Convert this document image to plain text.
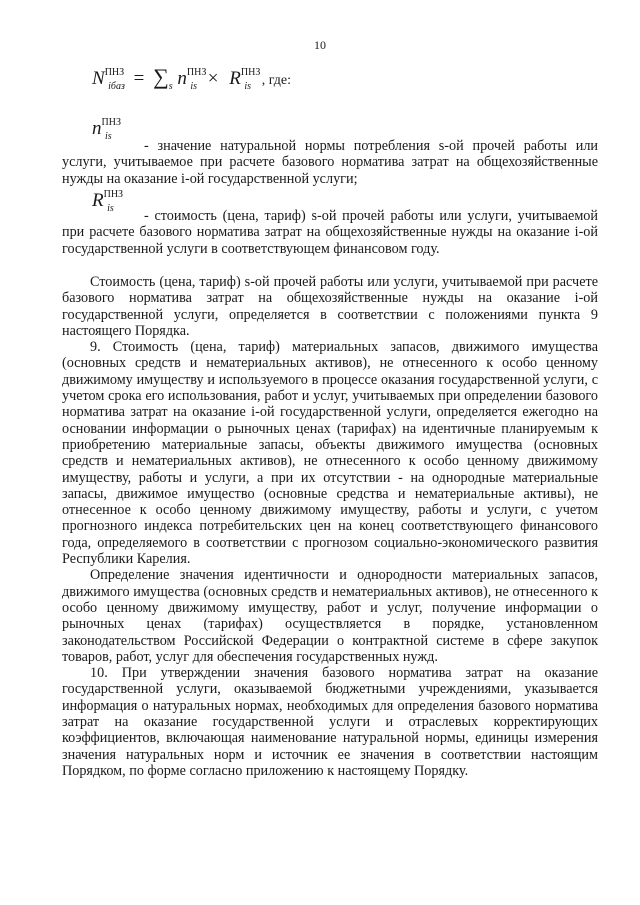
10
$N^{ПНЗ}_{iбаз} = \sum_s$ $n^{ПНЗ}_{is} \times R^{ПНЗ}_{is}$ , где:
$n^{ПНЗ}_{is}$

- значение натуральной нормы потребления s-ой прочей работы или услуги, учитываемое при расчете базового норматива затрат на общехозяйственные нужды на оказание i-ой государственной услуги;

$R^{ПНЗ}_{is}$	- стоимость (цена, тариф) s-ой прочей работы или услуги, учитываемой при расчете базового норматива затрат на общехозяйственные нужды на оказание i-ой государственной услуги в соответствующем финансовом году.

Стоимость (цена, тариф) s-ой прочей работы или услуги, учитываемой при расчете базового норматива затрат на общехозяйственные нужды на оказание i-ой государственной услуги, определяется в соответствии с положениями пункта 9 настоящего Порядка.

9. Стоимость (цена, тариф) материальных запасов, движимого имущества (основных средств и нематериальных активов), не отнесенного к особо ценному движимому имуществу и используемого в процессе оказания государственной услуги, с учетом срока его использования, работ и услуг, учитываемых при определении базового норматива затрат на оказание i-ой государственной услуги, определяется ежегодно на основании информации о рыночных ценах (тарифах) на идентичные планируемым к приобретению материальные запасы, объекты движимого имущества (основных средств и нематериальных активов), не отнесенного к особо ценному движимому имуществу, работы и услуги, а при их отсутствии - на однородные материальные запасы, движимое имущество (основные средства и нематериальные активы), не отнесенное к особо ценному движимому имуществу, работы и услуги, с учетом прогнозного индекса потребительских цен на конец соответствующего финансового года, определяемого в соответствии с прогнозом социально-экономического развития Республики Карелия.

Определение значения идентичности и однородности материальных запасов, движимого имущества (основных средств и нематериальных активов), не отнесенного к особо ценному движимому имуществу, работ и услуг, получение информации о рыночных ценах (тарифах) осуществляется в порядке, установленном законодательством Российской Федерации о контрактной системе в сфере закупок товаров, работ, услуг для обеспечения государственных нужд.

10. При утверждении значения базового норматива затрат на оказание государственной услуги, оказываемой бюджетными учреждениями, указывается информация о натуральных нормах, необходимых для определения базового норматива затрат на оказание государственной услуги и отраслевых корректирующих коэффициентов, включающая наименование натуральной нормы, единицы измерения значения натуральных норм и источник ее значения в соответствии настоящим Порядком, по форме согласно приложению к настоящему Порядку.
